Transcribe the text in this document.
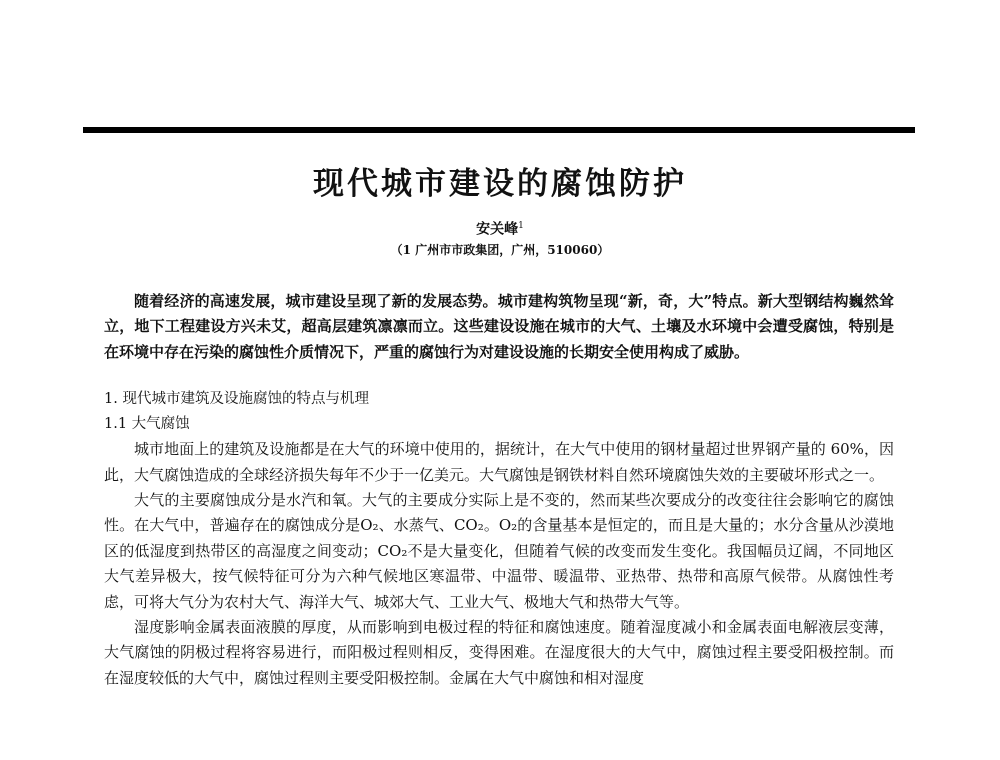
现代城市建设的腐蚀防护
安关峰$^1$
（1 广州市市政集团，广州，510060）

随着经济的高速发展，城市建设呈现了新的发展态势。城市建构筑物呈现“新，奇，大”特点。新大型钢结构巍然耸立，地下工程建设方兴未艾，超高层建筑凛凛而立。这些建设设施在城市的大气、土壤及水环境中会遭受腐蚀，特别是在环境中存在污染的腐蚀性介质情况下，严重的腐蚀行为对建设设施的长期安全使用构成了威胁。

1. 现代城市建筑及设施腐蚀的特点与机理
1.1 大气腐蚀

城市地面上的建筑及设施都是在大气的环境中使用的，据统计，在大气中使用的钢材量超过世界钢产量的 60%，因此，大气腐蚀造成的全球经济损失每年不少于一亿美元。大气腐蚀是钢铁材料自然环境腐蚀失效的主要破坏形式之一。

大气的主要腐蚀成分是水汽和氧。大气的主要成分实际上是不变的，然而某些次要成分的改变往往会影响它的腐蚀性。在大气中，普遍存在的腐蚀成分是O₂、水蒸气、CO₂。O₂的含量基本是恒定的，而且是大量的；水分含量从沙漠地区的低湿度到热带区的高湿度之间变动；CO₂不是大量变化，但随着气候的改变而发生变化。我国幅员辽阔，不同地区大气差异极大，按气候特征可分为六种气候地区寒温带、中温带、暖温带、亚热带、热带和高原气候带。从腐蚀性考虑，可将大气分为农村大气、海洋大气、城郊大气、工业大气、极地大气和热带大气等。

湿度影响金属表面液膜的厚度，从而影响到电极过程的特征和腐蚀速度。随着湿度减小和金属表面电解液层变薄，大气腐蚀的阴极过程将容易进行，而阳极过程则相反，变得困难。在湿度很大的大气中，腐蚀过程主要受阳极控制。而在湿度较低的大气中，腐蚀过程则主要受阳极控制。金属在大气中腐蚀和相对湿度
